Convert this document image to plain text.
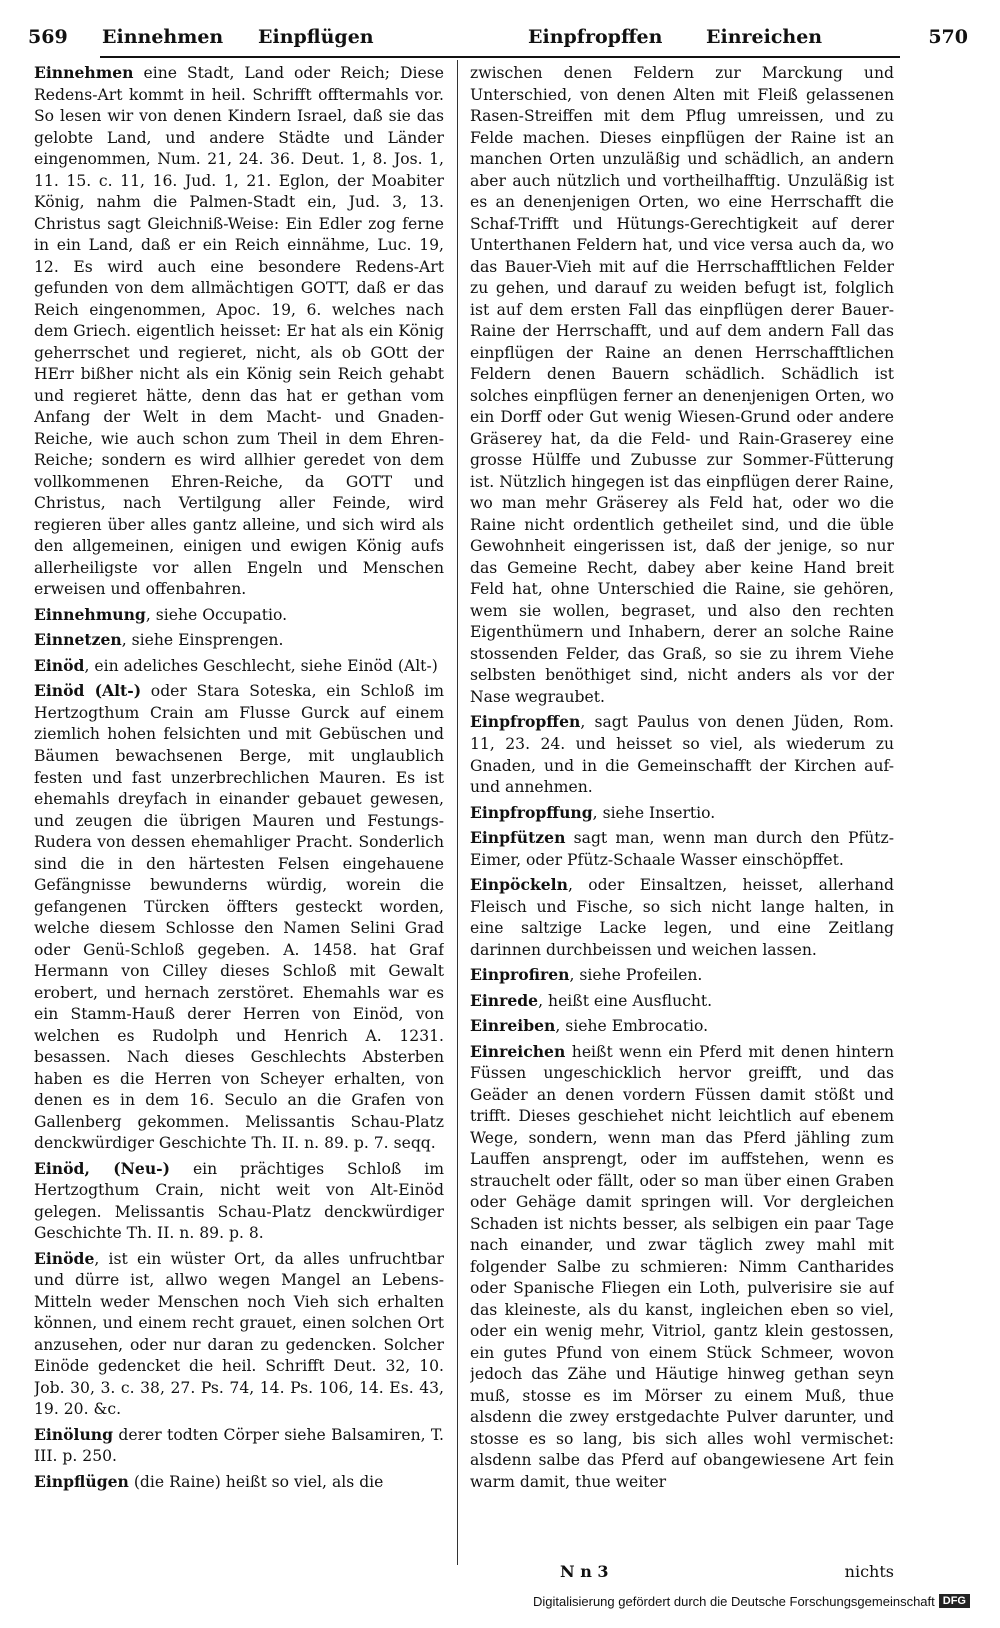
569 Einnehmen Einpflügen	Einpfropffen Einreichen	570

Einnehmen eine Stadt, Land oder Reich; Diese Redens-Art kommt in heil. Schrifft offtermahls vor. So lesen wir von denen Kindern Israel, daß sie das gelobte Land, und andere Städte und Länder eingenommen, Num. 21, 24. 36. Deut. 1, 8. Jos. 1, 11. 15. c. 11, 16. Jud. 1, 21. Eglon, der Moabiter König, nahm die Palmen-Stadt ein, Jud. 3, 13. Christus sagt Gleichniß-Weise: Ein Edler zog ferne in ein Land, daß er ein Reich einnähme, Luc. 19, 12. Es wird auch eine besondere Redens-Art gefunden von dem allmächtigen GOTT, daß er das Reich eingenommen, Apoc. 19, 6. welches nach dem Griech. eigentlich heisset: Er hat als ein König geherrschet und regieret, nicht, als ob GOtt der HErr bißher nicht als ein König sein Reich gehabt und regieret hätte, denn das hat er gethan vom Anfang der Welt in dem Macht- und Gnaden-Reiche, wie auch schon zum Theil in dem Ehren-Reiche; sondern es wird allhier geredet von dem vollkommenen Ehren-Reiche, da GOTT und Christus, nach Vertilgung aller Feinde, wird regieren über alles gantz alleine, und sich wird als den allgemeinen, einigen und ewigen König aufs allerheiligste vor allen Engeln und Menschen erweisen und offenbahren.

Einnehmung, siehe Occupatio.

Einnetzen, siehe Einsprengen.

Einöd, ein adeliches Geschlecht, siehe Einöd (Alt-)

Einöd (Alt-) oder Stara Soteska, ein Schloß im Hertzogthum Crain am Flusse Gurck auf einem ziemlich hohen felsichten und mit Gebüschen und Bäumen bewachsenen Berge, mit unglaublich festen und fast unzerbrechlichen Mauren. Es ist ehemahls dreyfach in einander gebauet gewesen, und zeugen die übrigen Mauren und Festungs-Rudera von dessen ehemahliger Pracht. Sonderlich sind die in den härtesten Felsen eingehauene Gefängnisse bewunderns würdig, worein die gefangenen Türcken öffters gesteckt worden, welche diesem Schlosse den Namen Selini Grad oder Genü-Schloß gegeben. A. 1458. hat Graf Hermann von Cilley dieses Schloß mit Gewalt erobert, und hernach zerstöret. Ehemahls war es ein Stamm-Hauß derer Herren von Einöd, von welchen es Rudolph und Henrich A. 1231. besassen. Nach dieses Geschlechts Absterben haben es die Herren von Scheyer erhalten, von denen es in dem 16. Seculo an die Grafen von Gallenberg gekommen. Melissantis Schau-Platz denckwürdiger Geschichte Th. II. n. 89. p. 7. seqq.

Einöd, (Neu-) ein prächtiges Schloß im Hertzogthum Crain, nicht weit von Alt-Einöd gelegen. Melissantis Schau-Platz denckwürdiger Geschichte Th. II. n. 89. p. 8.

Einöde, ist ein wüster Ort, da alles unfruchtbar und dürre ist, allwo wegen Mangel an Lebens-Mitteln weder Menschen noch Vieh sich erhalten können, und einem recht grauet, einen solchen Ort anzusehen, oder nur daran zu gedencken. Solcher Einöde gedencket die heil. Schrifft Deut. 32, 10. Job. 30, 3. c. 38, 27. Ps. 74, 14. Ps. 106, 14. Es. 43, 19. 20. &c.

Einölung derer todten Cörper siehe Balsamiren, T. III. p. 250.

Einpflügen (die Raine) heißt so viel, als die

zwischen denen Feldern zur Marckung und Unterschied, von denen Alten mit Fleiß gelassenen Rasen-Streiffen mit dem Pflug umreissen, und zu Felde machen. Dieses einpflügen der Raine ist an manchen Orten unzuläßig und schädlich, an andern aber auch nützlich und vortheilhafftig. Unzuläßig ist es an denenjenigen Orten, wo eine Herrschafft die Schaf-Trifft und Hütungs-Gerechtigkeit auf derer Unterthanen Feldern hat, und vice versa auch da, wo das Bauer-Vieh mit auf die Herrschafftlichen Felder zu gehen, und darauf zu weiden befugt ist, folglich ist auf dem ersten Fall das einpflügen derer Bauer-Raine der Herrschafft, und auf dem andern Fall das einpflügen der Raine an denen Herrschafftlichen Feldern denen Bauern schädlich. Schädlich ist solches einpflügen ferner an denenjenigen Orten, wo ein Dorff oder Gut wenig Wiesen-Grund oder andere Gräserey hat, da die Feld- und Rain-Graserey eine grosse Hülffe und Zubusse zur Sommer-Fütterung ist. Nützlich hingegen ist das einpflügen derer Raine, wo man mehr Gräserey als Feld hat, oder wo die Raine nicht ordentlich getheilet sind, und die üble Gewohnheit eingerissen ist, daß der jenige, so nur das Gemeine Recht, dabey aber keine Hand breit Feld hat, ohne Unterschied die Raine, sie gehören, wem sie wollen, begraset, und also den rechten Eigenthümern und Inhabern, derer an solche Raine stossenden Felder, das Graß, so sie zu ihrem Viehe selbsten benöthiget sind, nicht anders als vor der Nase wegraubet.

Einpfropffen, sagt Paulus von denen Jüden, Rom. 11, 23. 24. und heisset so viel, als wiederum zu Gnaden, und in die Gemeinschafft der Kirchen auf- und annehmen.

Einpfropffung, siehe Insertio.

Einpfützen sagt man, wenn man durch den Pfütz-Eimer, oder Pfütz-Schaale Wasser einschöpffet.

Einpöckeln, oder Einsaltzen, heisset, allerhand Fleisch und Fische, so sich nicht lange halten, in eine saltzige Lacke legen, und eine Zeitlang darinnen durchbeissen und weichen lassen.

Einprofiren, siehe Profeilen.

Einrede, heißt eine Ausflucht.

Einreiben, siehe Embrocatio.

Einreichen heißt wenn ein Pferd mit denen hintern Füssen ungeschicklich hervor greifft, und das Geäder an denen vordern Füssen damit stößt und trifft. Dieses geschiehet nicht leichtlich auf ebenem Wege, sondern, wenn man das Pferd jähling zum Lauffen ansprengt, oder im auffstehen, wenn es strauchelt oder fällt, oder so man über einen Graben oder Gehäge damit springen will. Vor dergleichen Schaden ist nichts besser, als selbigen ein paar Tage nach einander, und zwar täglich zwey mahl mit folgender Salbe zu schmieren: Nimm Cantharides oder Spanische Fliegen ein Loth, pulverisire sie auf das kleineste, als du kanst, ingleichen eben so viel, oder ein wenig mehr, Vitriol, gantz klein gestossen, ein gutes Pfund von einem Stück Schmeer, wovon jedoch das Zähe und Häutige hinweg gethan seyn muß, stosse es im Mörser zu einem Muß, thue alsdenn die zwey erstgedachte Pulver darunter, und stosse es so lang, bis sich alles wohl vermischet: alsdenn salbe das Pferd auf obangewiesene Art fein warm damit, thue weiter

N n 3	nichts
Digitalisierung gefördert durch die Deutsche Forschungsgemeinschaft DFG
